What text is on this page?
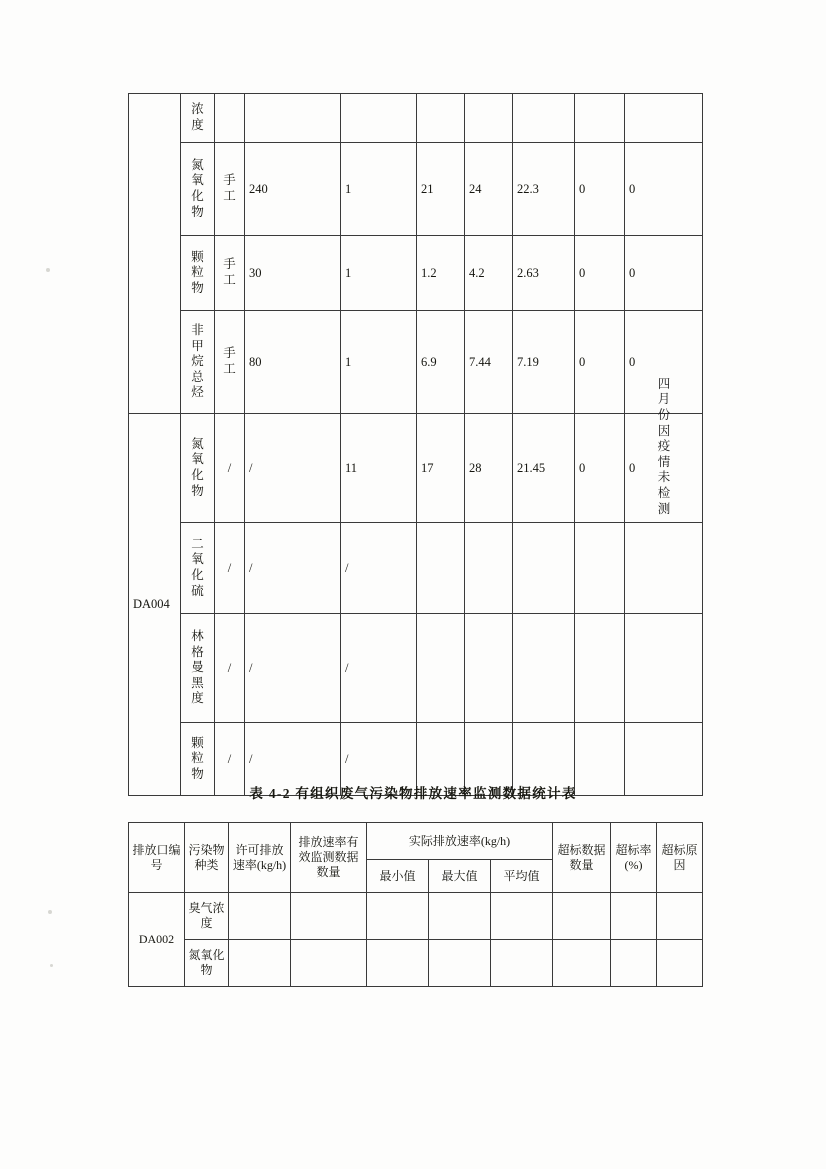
	浓度								

	氮氧化物	手工	240	1	21	24	22.3	0	0

	颗粒物	手工	30	1	1.2	4.2	2.63	0	0

	非甲烷总烃	手工	80	1	6.9	7.44	7.19	0	0
DA004	氮氧化物	/	/	11	17	28	21.45	0	0

	二氧化硫	/	/	/					

	林格曼黑度	/	/	/					

	颗粒物	/	/	/					
四月份因疫情未检测
表 4-2 有组织废气污染物排放速率监测数据统计表
排放口编号	污染物种类	许可排放速率(kg/h)	排放速率有效监测数据数量	实际排放速率(kg/h)			超标数据数量	超标率(%)	超标原因

				最小值	最大值	平均值			
DA002	臭气浓度								

	氮氧化物								
